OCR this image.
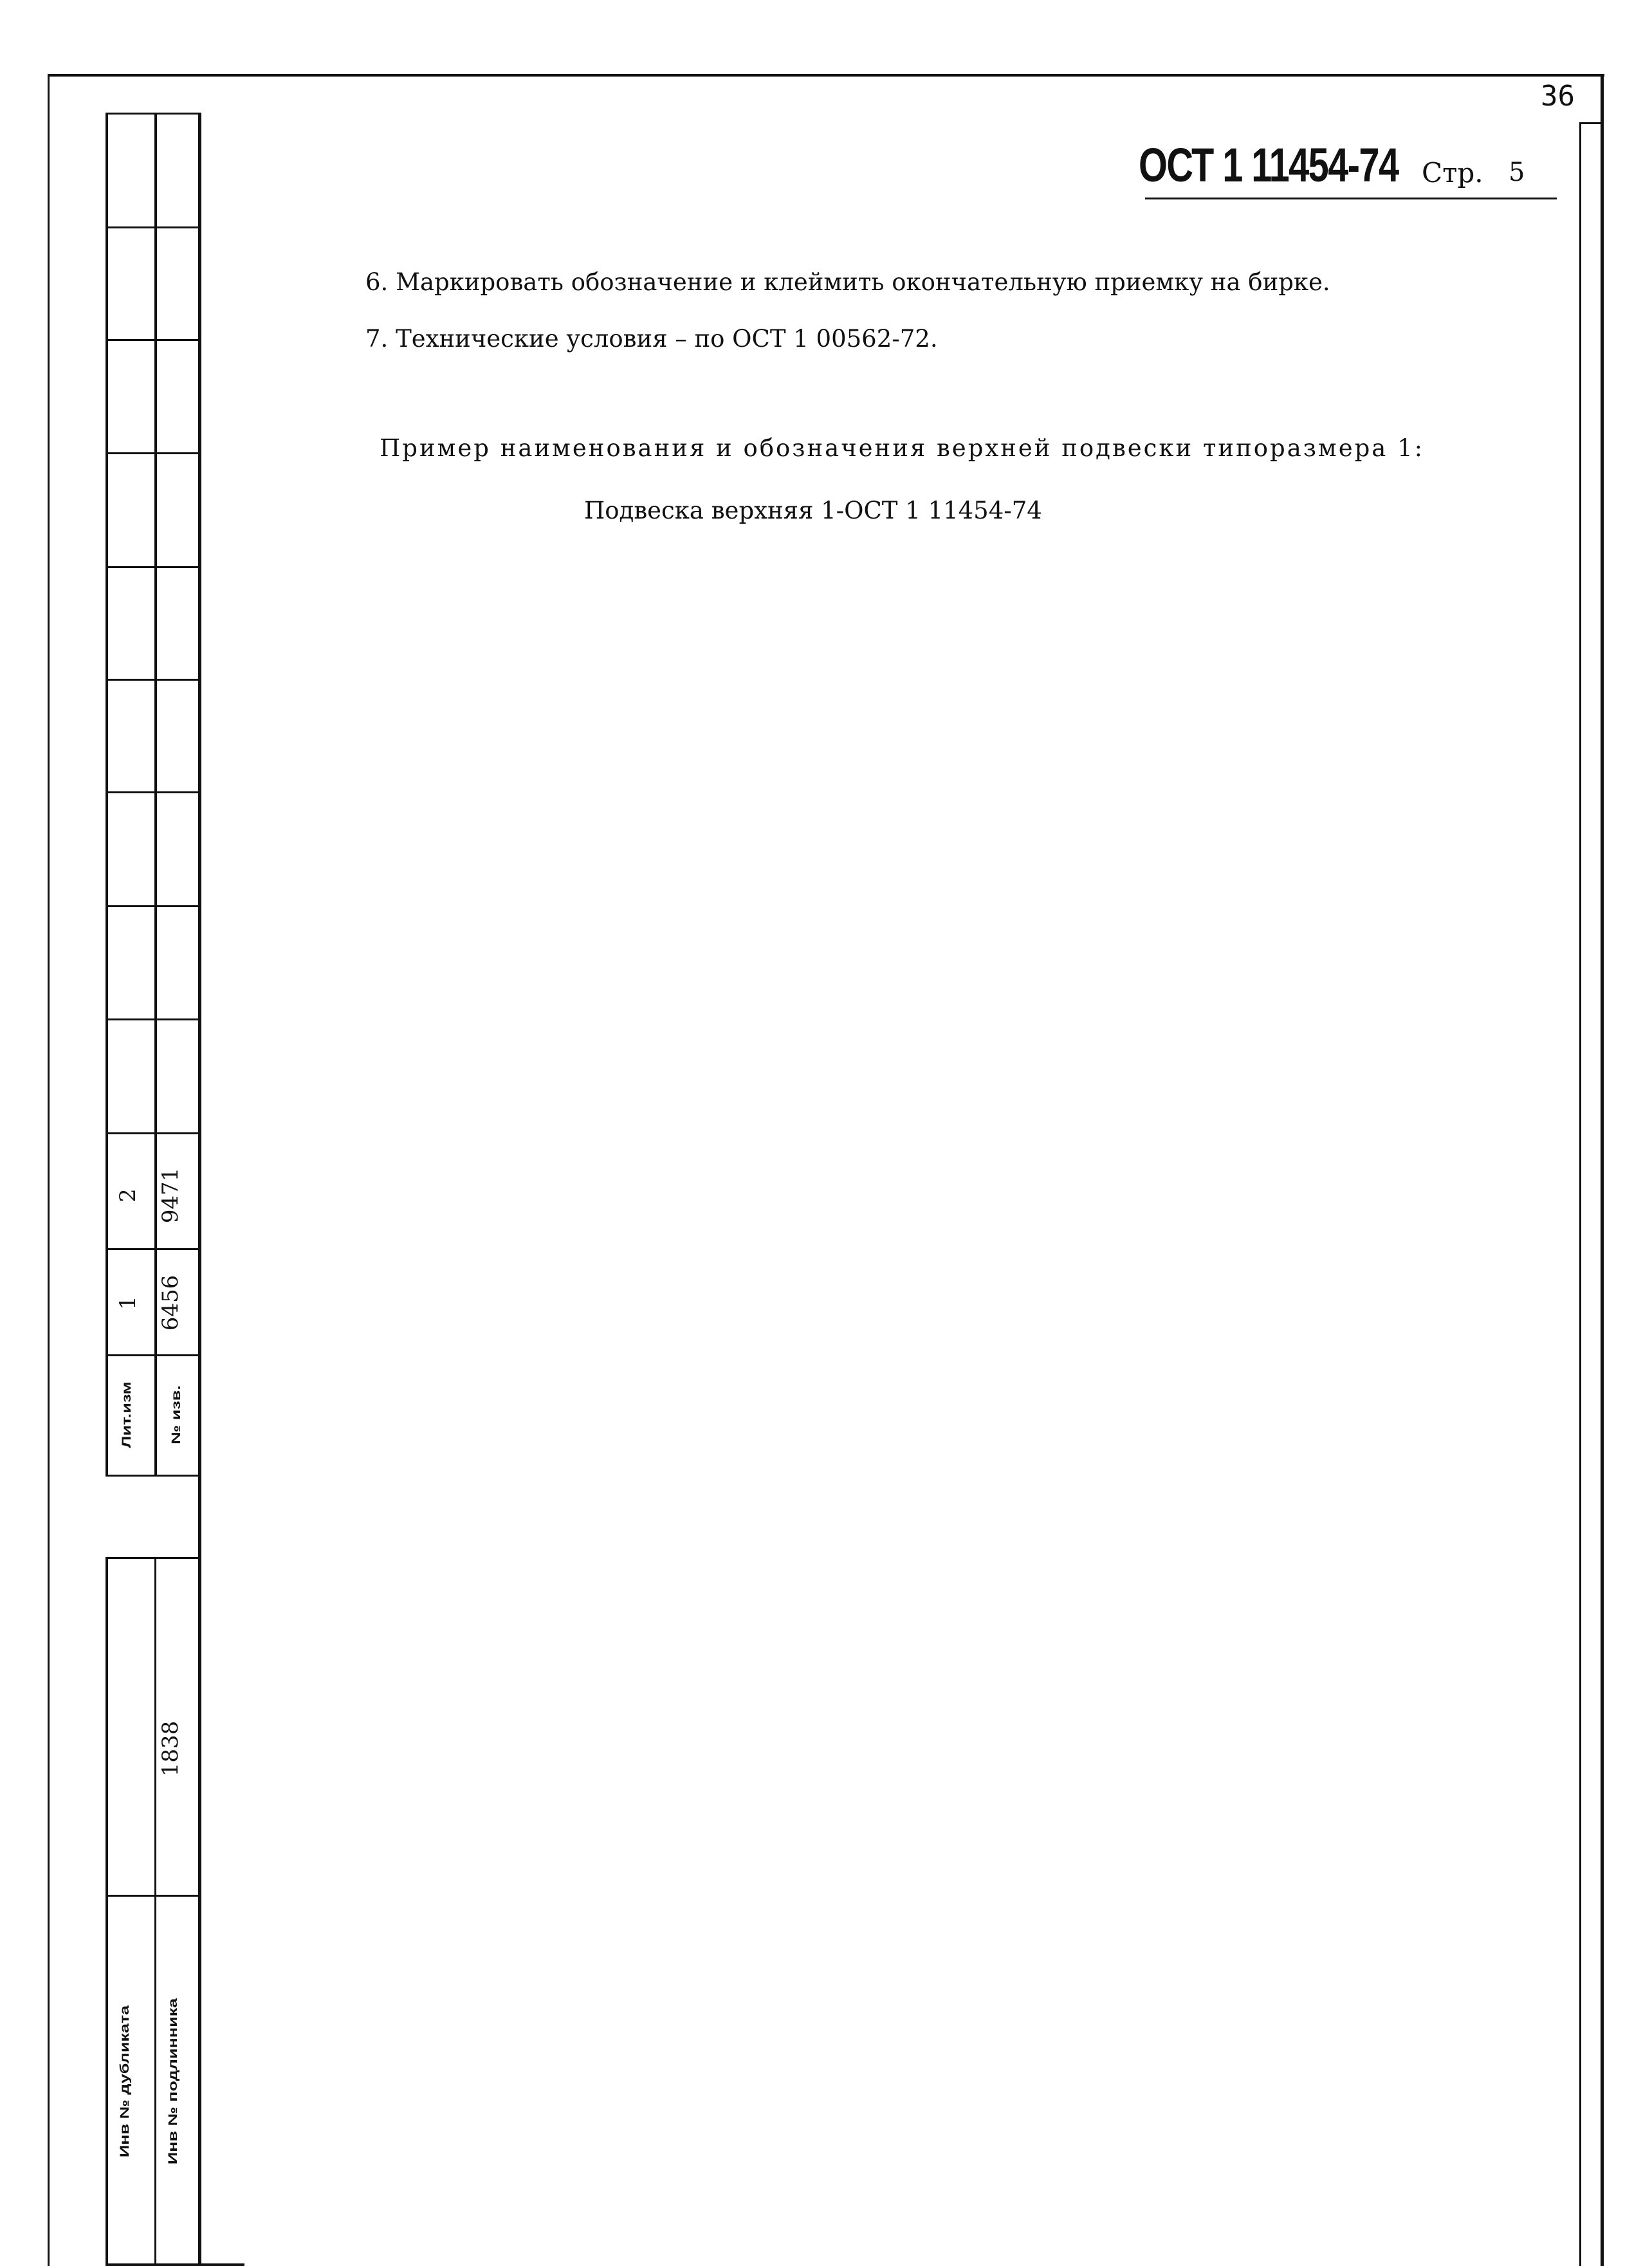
Лит.изм № изв.
1
2
6456
9471
Инв № дубликата Инв № подлинника
1838
36
ОСТ 1 11454-74 Стр. 5
6. Маркировать обозначение и клеймить окончательную приемку на бирке.
7. Технические условия – по ОСТ 1 00562-72.
Пример наименования и обозначения верхней подвески типоразмера 1:
Подвеска верхняя 1-ОСТ 1 11454-74
